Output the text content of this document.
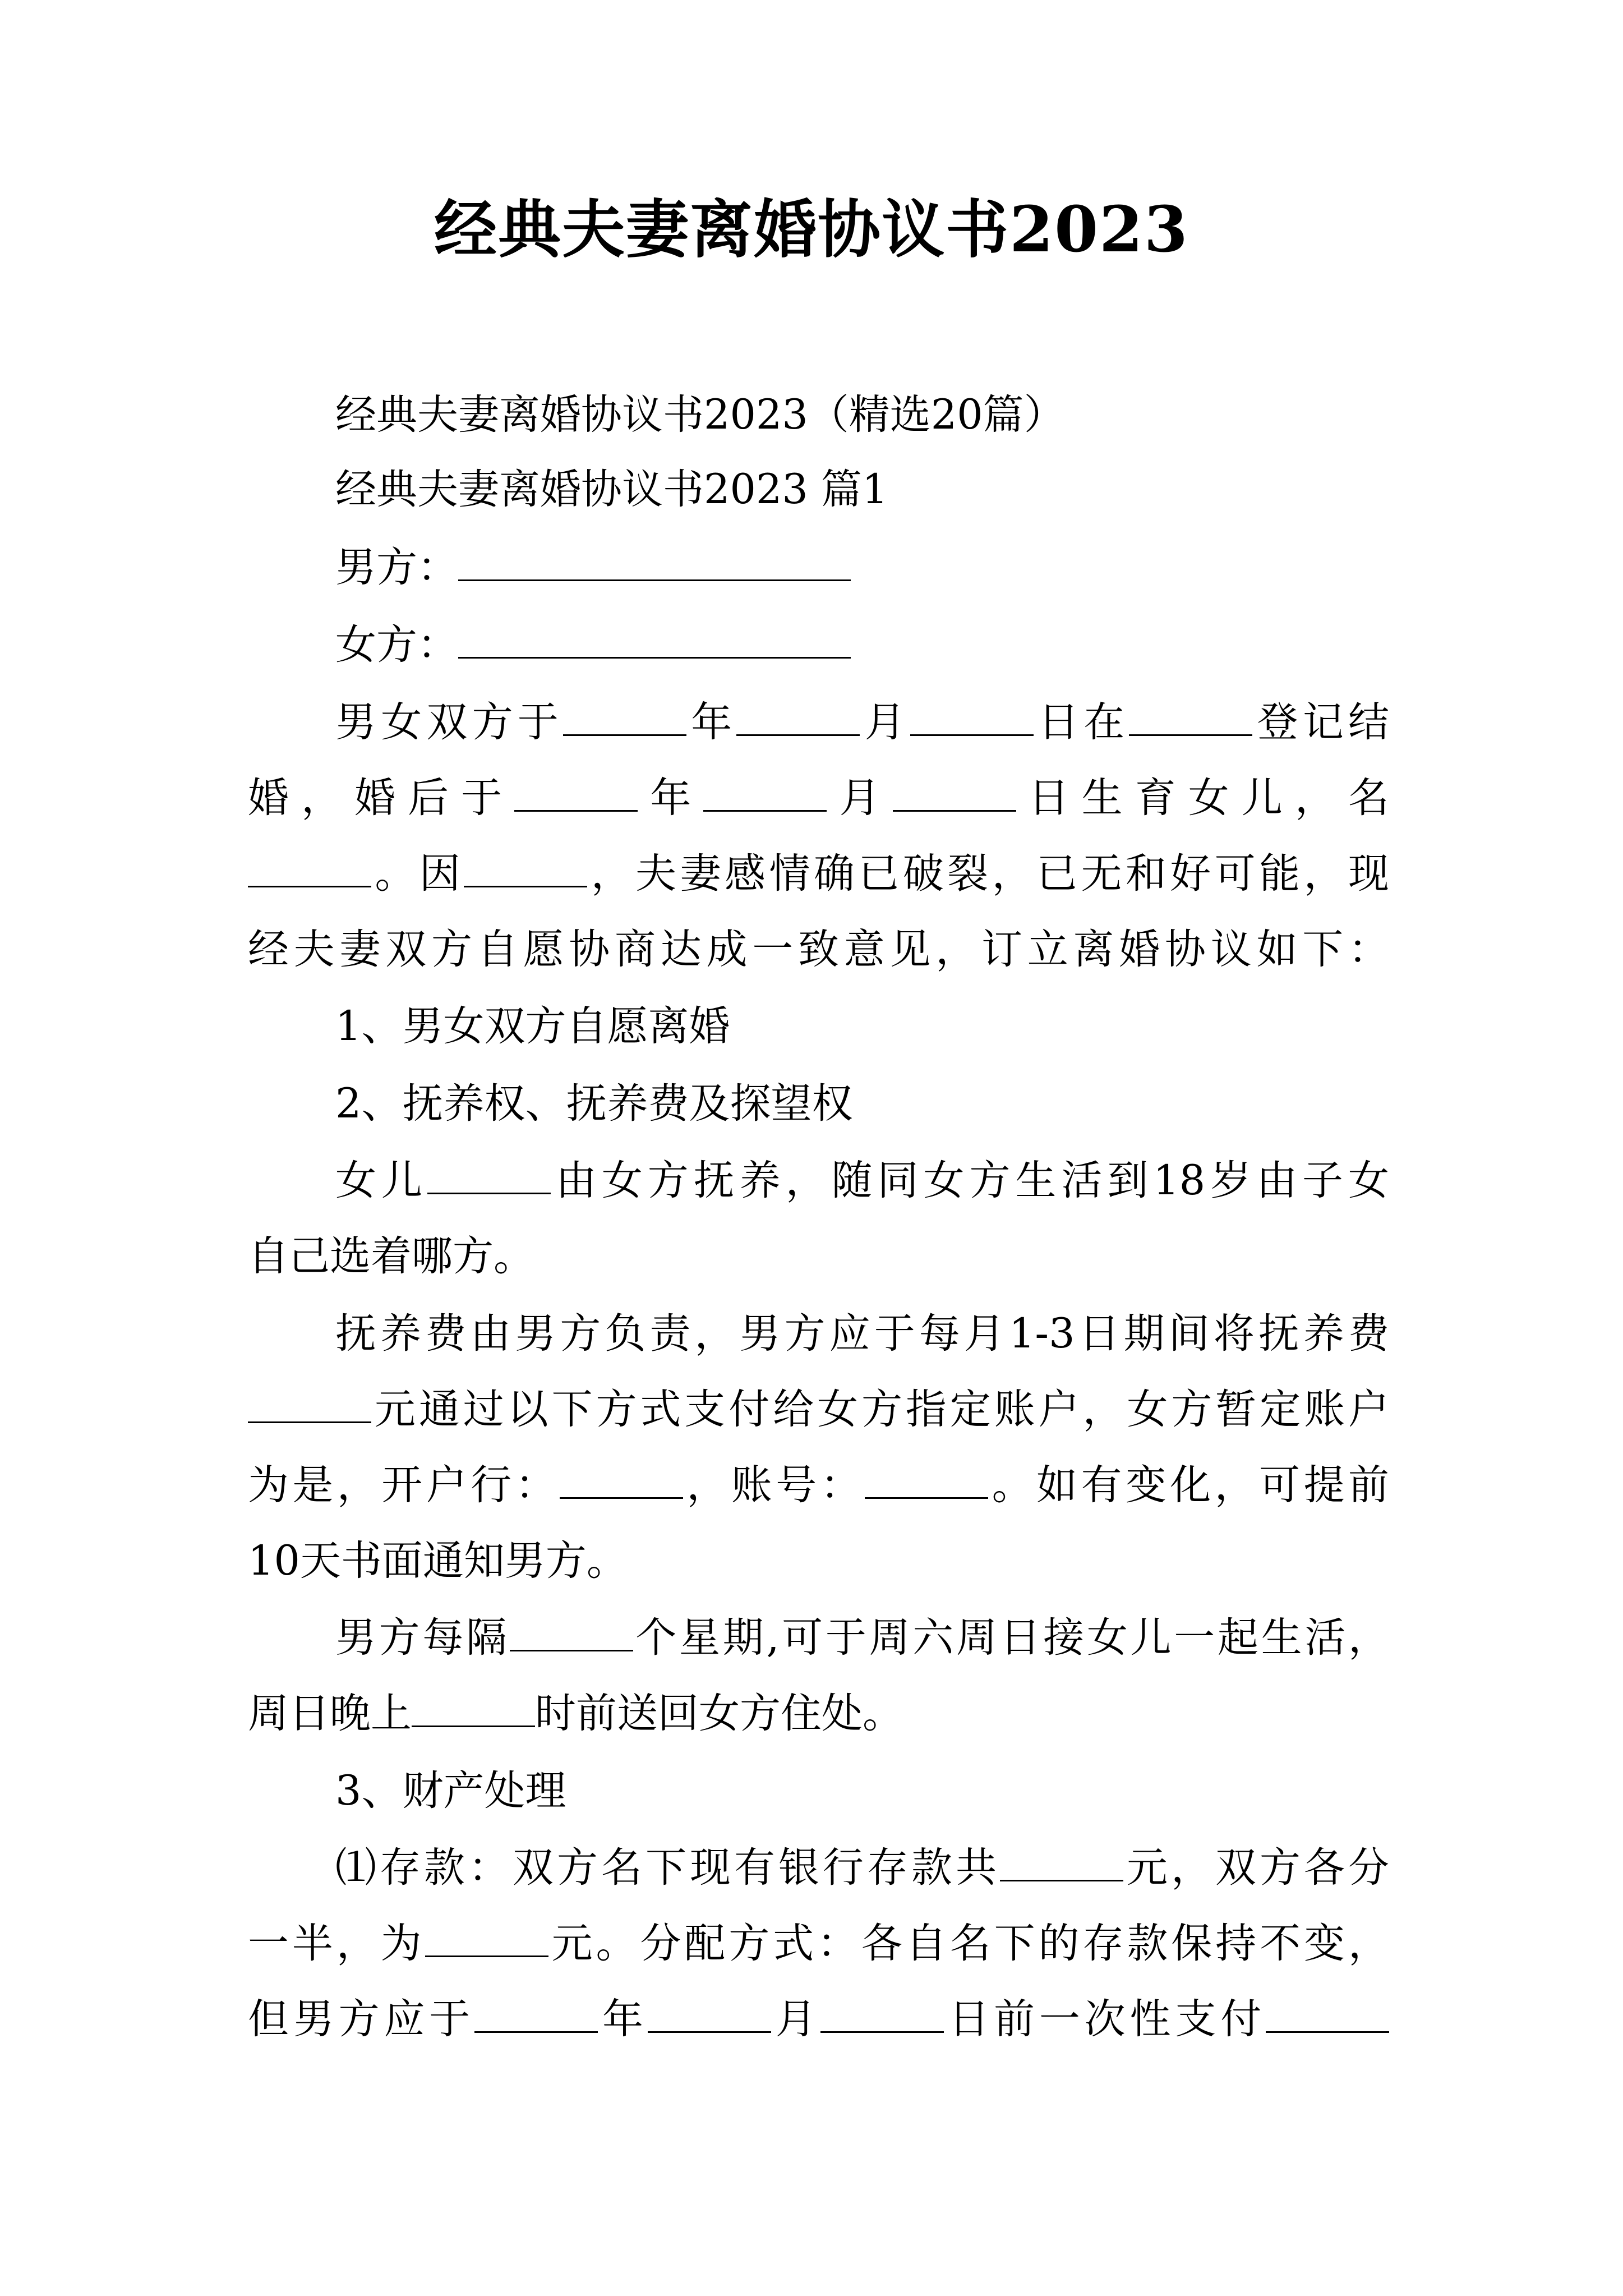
经典夫妻离婚协议书2023
经典夫妻离婚协议书2023（精选20篇）
经典夫妻离婚协议书2023 篇1
男方：
女方：
男女双方于	年	月	日在	登记结
婚，婚后于	年	月	日生育女儿，名
。因	，夫妻感情确已破裂，已无和好可能，现
经夫妻双方自愿协商达成一致意见，订立离婚协议如下：
1、男女双方自愿离婚
2、抚养权、抚养费及探望权
女儿	由女方抚养，随同女方生活到18岁由子女
自己选着哪方。
抚养费由男方负责，男方应于每月1-3日期间将抚养费
元通过以下方式支付给女方指定账户，女方暂定账户
为是，开户行：	，账号：	。如有变化，可提前
10天书面通知男方。
男方每隔	个星期,可于周六周日接女儿一起生活，
周日晚上	时前送回女方住处。
3、财产处理
⑴存款：双方名下现有银行存款共	元，双方各分
一半，为	元。分配方式：各自名下的存款保持不变，
但男方应于	年	月	日前一次性支付
